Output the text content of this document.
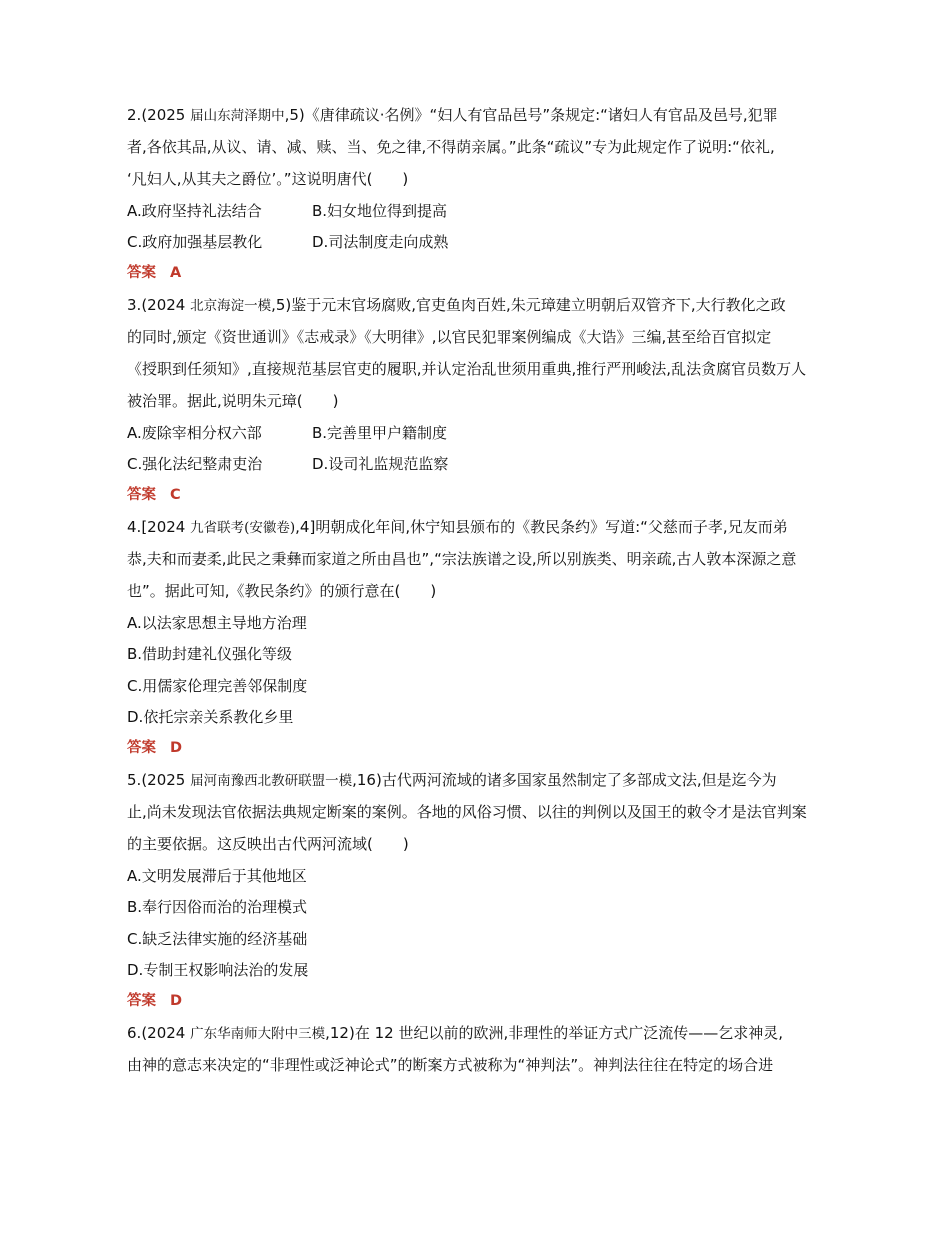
2.(2025 届山东菏泽期中,5)《唐律疏议·名例》“妇人有官品邑号”条规定:“诸妇人有官品及邑号,犯罪
者,各依其品,从议、请、减、赎、当、免之律,不得荫亲属。”此条“疏议”专为此规定作了说明:“依礼,
‘凡妇人,从其夫之爵位’。”这说明唐代(　　)
A.政府坚持礼法结合	B.妇女地位得到提高
C.政府加强基层教化	D.司法制度走向成熟
答案 A
3.(2024 北京海淀一模,5)鉴于元末官场腐败,官吏鱼肉百姓,朱元璋建立明朝后双管齐下,大行教化之政
的同时,颁定《资世通训》《志戒录》《大明律》,以官民犯罪案例编成《大诰》三编,甚至给百官拟定
《授职到任须知》,直接规范基层官吏的履职,并认定治乱世须用重典,推行严刑峻法,乱法贪腐官员数万人
被治罪。据此,说明朱元璋(　　)
A.废除宰相分权六部	B.完善里甲户籍制度
C.强化法纪整肃吏治	D.设司礼监规范监察
答案 C
4.[2024 九省联考(安徽卷),4]明朝成化年间,休宁知县颁布的《教民条约》写道:“父慈而子孝,兄友而弟
恭,夫和而妻柔,此民之秉彝而家道之所由昌也”,“宗法族谱之设,所以别族类、明亲疏,古人敦本深源之意
也”。据此可知,《教民条约》的颁行意在(　　)
A.以法家思想主导地方治理
B.借助封建礼仪强化等级
C.用儒家伦理完善邻保制度
D.依托宗亲关系教化乡里
答案 D
5.(2025 届河南豫西北教研联盟一模,16)古代两河流域的诸多国家虽然制定了多部成文法,但是迄今为
止,尚未发现法官依据法典规定断案的案例。各地的风俗习惯、以往的判例以及国王的敕令才是法官判案
的主要依据。这反映出古代两河流域(　　)
A.文明发展滞后于其他地区
B.奉行因俗而治的治理模式
C.缺乏法律实施的经济基础
D.专制王权影响法治的发展
答案 D
6.(2024 广东华南师大附中三模,12)在 12 世纪以前的欧洲,非理性的举证方式广泛流传——乞求神灵,
由神的意志来决定的“非理性或泛神论式”的断案方式被称为“神判法”。神判法往往在特定的场合进
